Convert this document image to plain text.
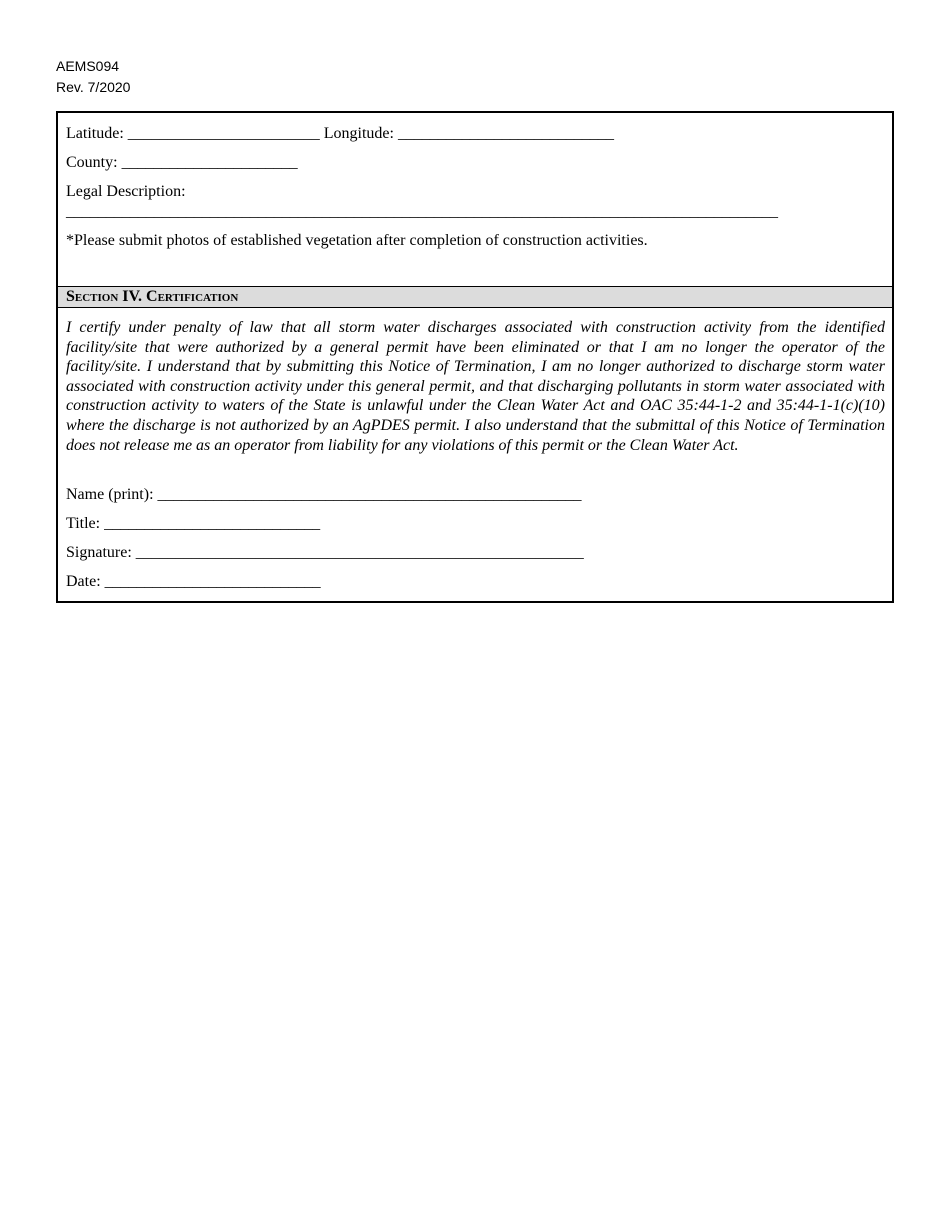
AEMS094
Rev. 7/2020
Latitude: ________________________ Longitude: ___________________________
County: ______________________
Legal Description:
_________________________________________________________________________________________
*Please submit photos of established vegetation after completion of construction activities.
Section IV. Certification
I certify under penalty of law that all storm water discharges associated with construction activity from the identified facility/site that were authorized by a general permit have been eliminated or that I am no longer the operator of the facility/site. I understand that by submitting this Notice of Termination, I am no longer authorized to discharge storm water associated with construction activity under this general permit, and that discharging pollutants in storm water associated with construction activity to waters of the State is unlawful under the Clean Water Act and OAC 35:44-1-2 and 35:44-1-1(c)(10) where the discharge is not authorized by an AgPDES permit. I also understand that the submittal of this Notice of Termination does not release me as an operator from liability for any violations of this permit or the Clean Water Act.
Name (print): _____________________________________________________
Title: ___________________________
Signature: ________________________________________________________
Date: ___________________________
